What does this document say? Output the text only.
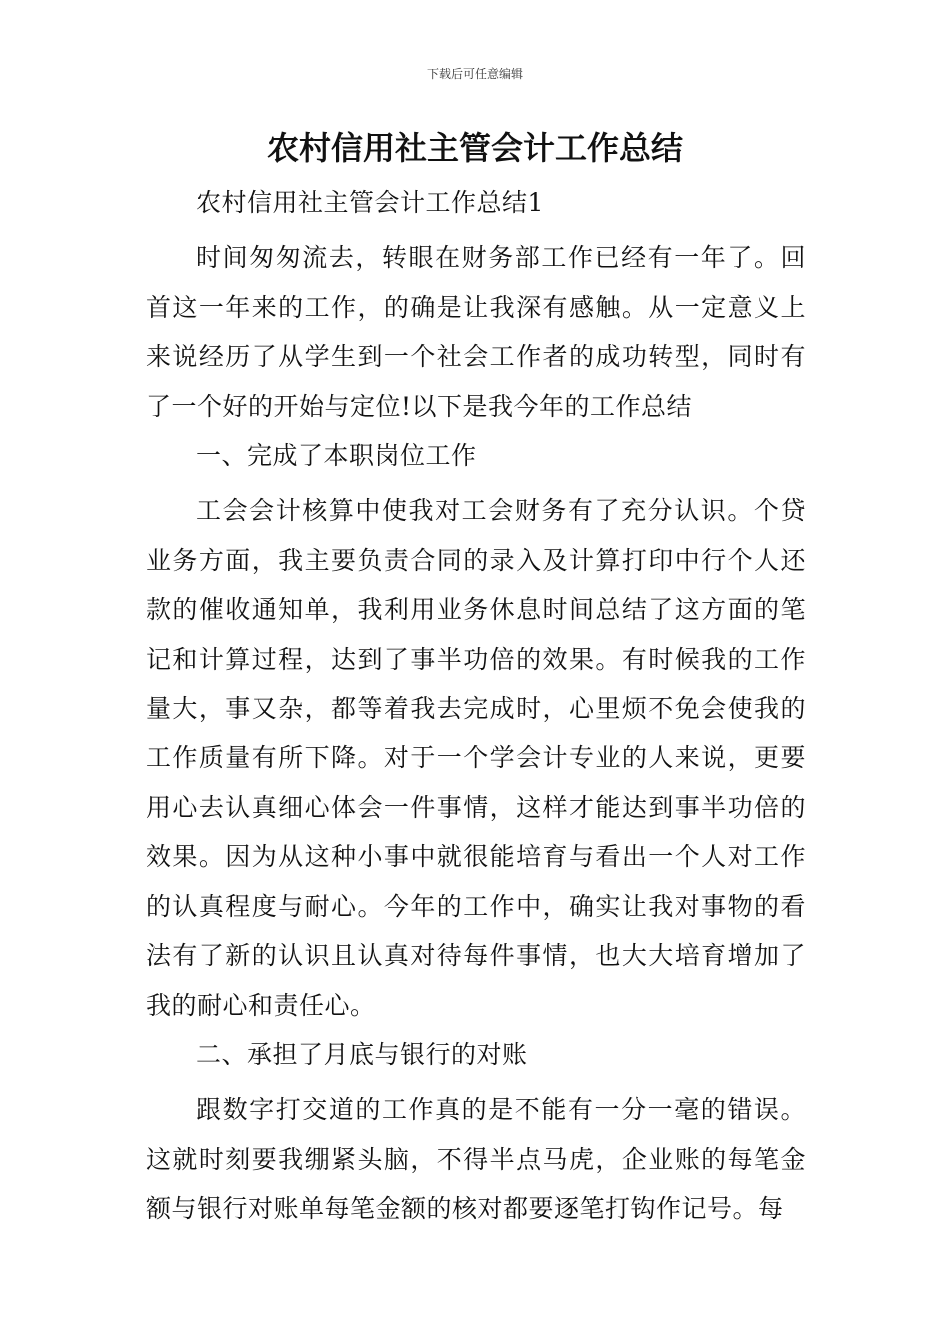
下载后可任意编辑
农村信用社主管会计工作总结

农村信用社主管会计工作总结1

时间匆匆流去，转眼在财务部工作已经有一年了。回首这一年来的工作，的确是让我深有感触。从一定意义上来说经历了从学生到一个社会工作者的成功转型，同时有了一个好的开始与定位!以下是我今年的工作总结

一、完成了本职岗位工作

工会会计核算中使我对工会财务有了充分认识。个贷业务方面，我主要负责合同的录入及计算打印中行个人还款的催收通知单，我利用业务休息时间总结了这方面的笔记和计算过程，达到了事半功倍的效果。有时候我的工作量大，事又杂，都等着我去完成时，心里烦不免会使我的工作质量有所下降。对于一个学会计专业的人来说，更要用心去认真细心体会一件事情，这样才能达到事半功倍的效果。因为从这种小事中就很能培育与看出一个人对工作的认真程度与耐心。今年的工作中，确实让我对事物的看法有了新的认识且认真对待每件事情，也大大培育增加了我的耐心和责任心。

二、承担了月底与银行的对账

跟数字打交道的工作真的是不能有一分一毫的错误。这就时刻要我绷紧头脑，不得半点马虎，企业账的每笔金额与银行对账单每笔金额的核对都要逐笔打钩作记号。每
